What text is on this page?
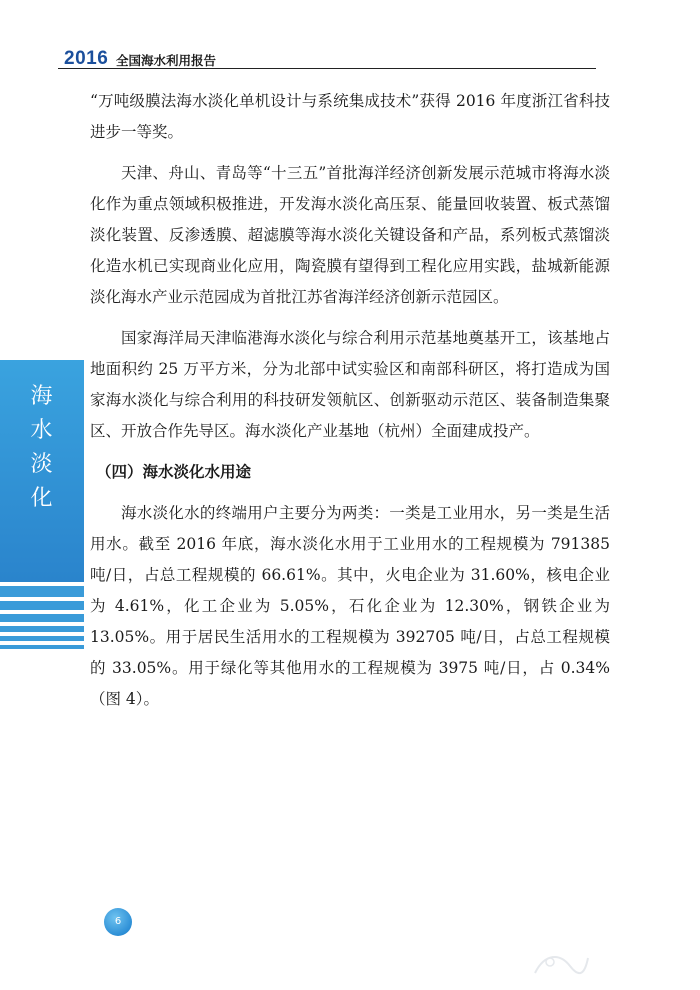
2016 全国海水利用报告
海
水
淡
化

“万吨级膜法海水淡化单机设计与系统集成技术”获得 2016 年度浙江省科技进步一等奖。

天津、舟山、青岛等“十三五”首批海洋经济创新发展示范城市将海水淡化作为重点领域积极推进，开发海水淡化高压泵、能量回收装置、板式蒸馏淡化装置、反渗透膜、超滤膜等海水淡化关键设备和产品，系列板式蒸馏淡化造水机已实现商业化应用，陶瓷膜有望得到工程化应用实践，盐城新能源淡化海水产业示范园成为首批江苏省海洋经济创新示范园区。

国家海洋局天津临港海水淡化与综合利用示范基地奠基开工，该基地占地面积约 25 万平方米，分为北部中试实验区和南部科研区，将打造成为国家海水淡化与综合利用的科技研发领航区、创新驱动示范区、装备制造集聚区、开放合作先导区。海水淡化产业基地（杭州）全面建成投产。

（四）海水淡化水用途

海水淡化水的终端用户主要分为两类：一类是工业用水，另一类是生活用水。截至 2016 年底，海水淡化水用于工业用水的工程规模为 791385 吨/日，占总工程规模的 66.61%。其中，火电企业为 31.60%，核电企业为 4.61%，化工企业为 5.05%，石化企业为 12.30%，钢铁企业为 13.05%。用于居民生活用水的工程规模为 392705 吨/日，占总工程规模的 33.05%。用于绿化等其他用水的工程规模为 3975 吨/日，占 0.34%（图 4）。

6
